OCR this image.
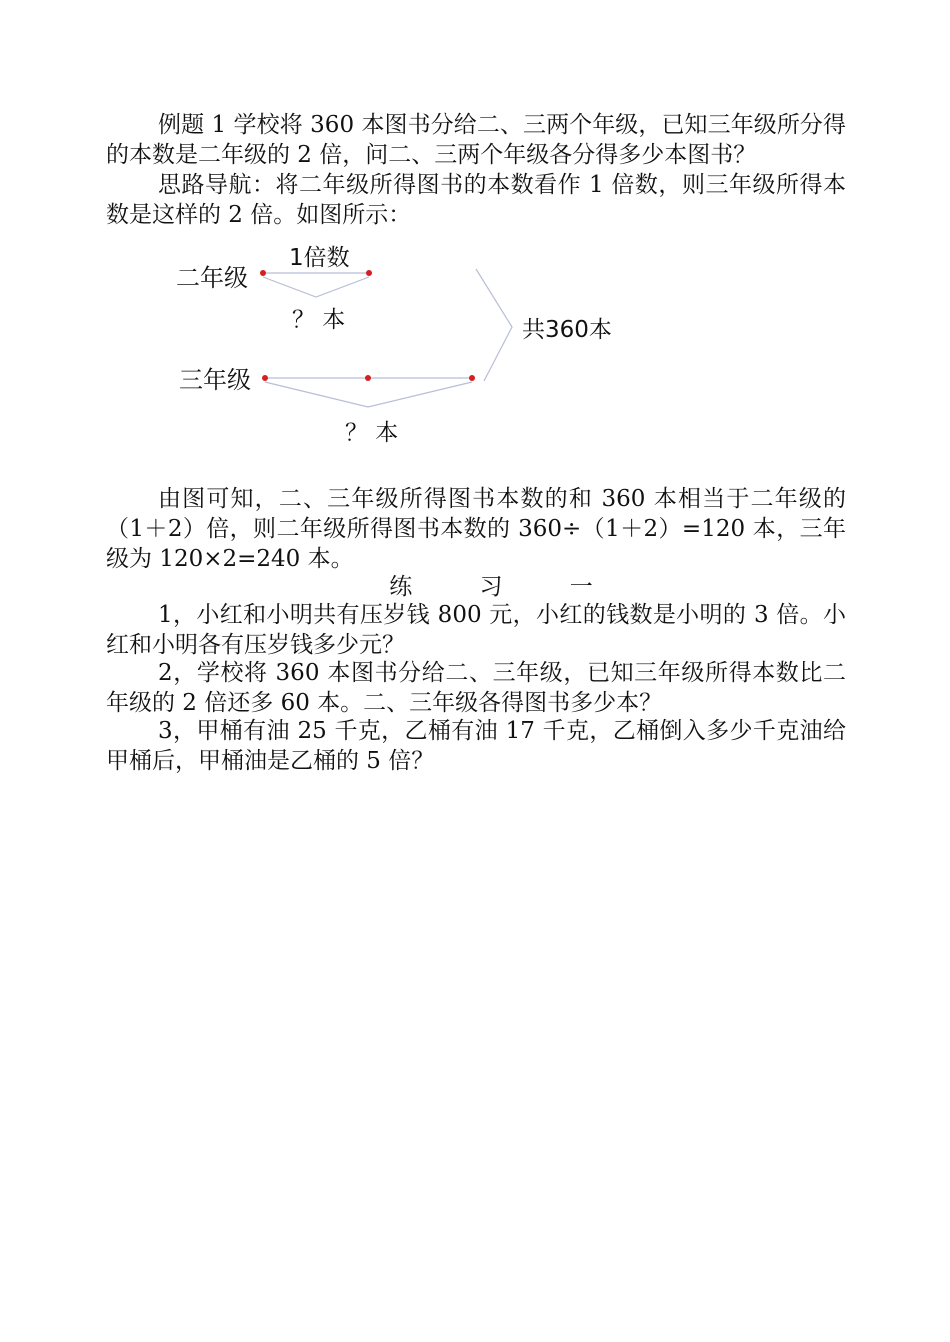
例题 1 学校将 360 本图书分给二、三两个年级，已知三年级所分得的本数是二年级的 2 倍，问二、三两个年级各分得多少本图书？

思路导航：将二年级所得图书的本数看作 1 倍数，则三年级所得本数是这样的 2 倍。如图所示：

二年级
1倍数
？ 本
三年级
？ 本
共360本

由图可知，二、三年级所得图书本数的和 360 本相当于二年级的（1＋2）倍，则二年级所得图书本数的 360÷（1＋2）=120 本，三年级为 120×2=240 本。

练 习 一

1，小红和小明共有压岁钱 800 元，小红的钱数是小明的 3 倍。小红和小明各有压岁钱多少元？

2，学校将 360 本图书分给二、三年级，已知三年级所得本数比二年级的 2 倍还多 60 本。二、三年级各得图书多少本？

3，甲桶有油 25 千克，乙桶有油 17 千克，乙桶倒入多少千克油给甲桶后，甲桶油是乙桶的 5 倍？
